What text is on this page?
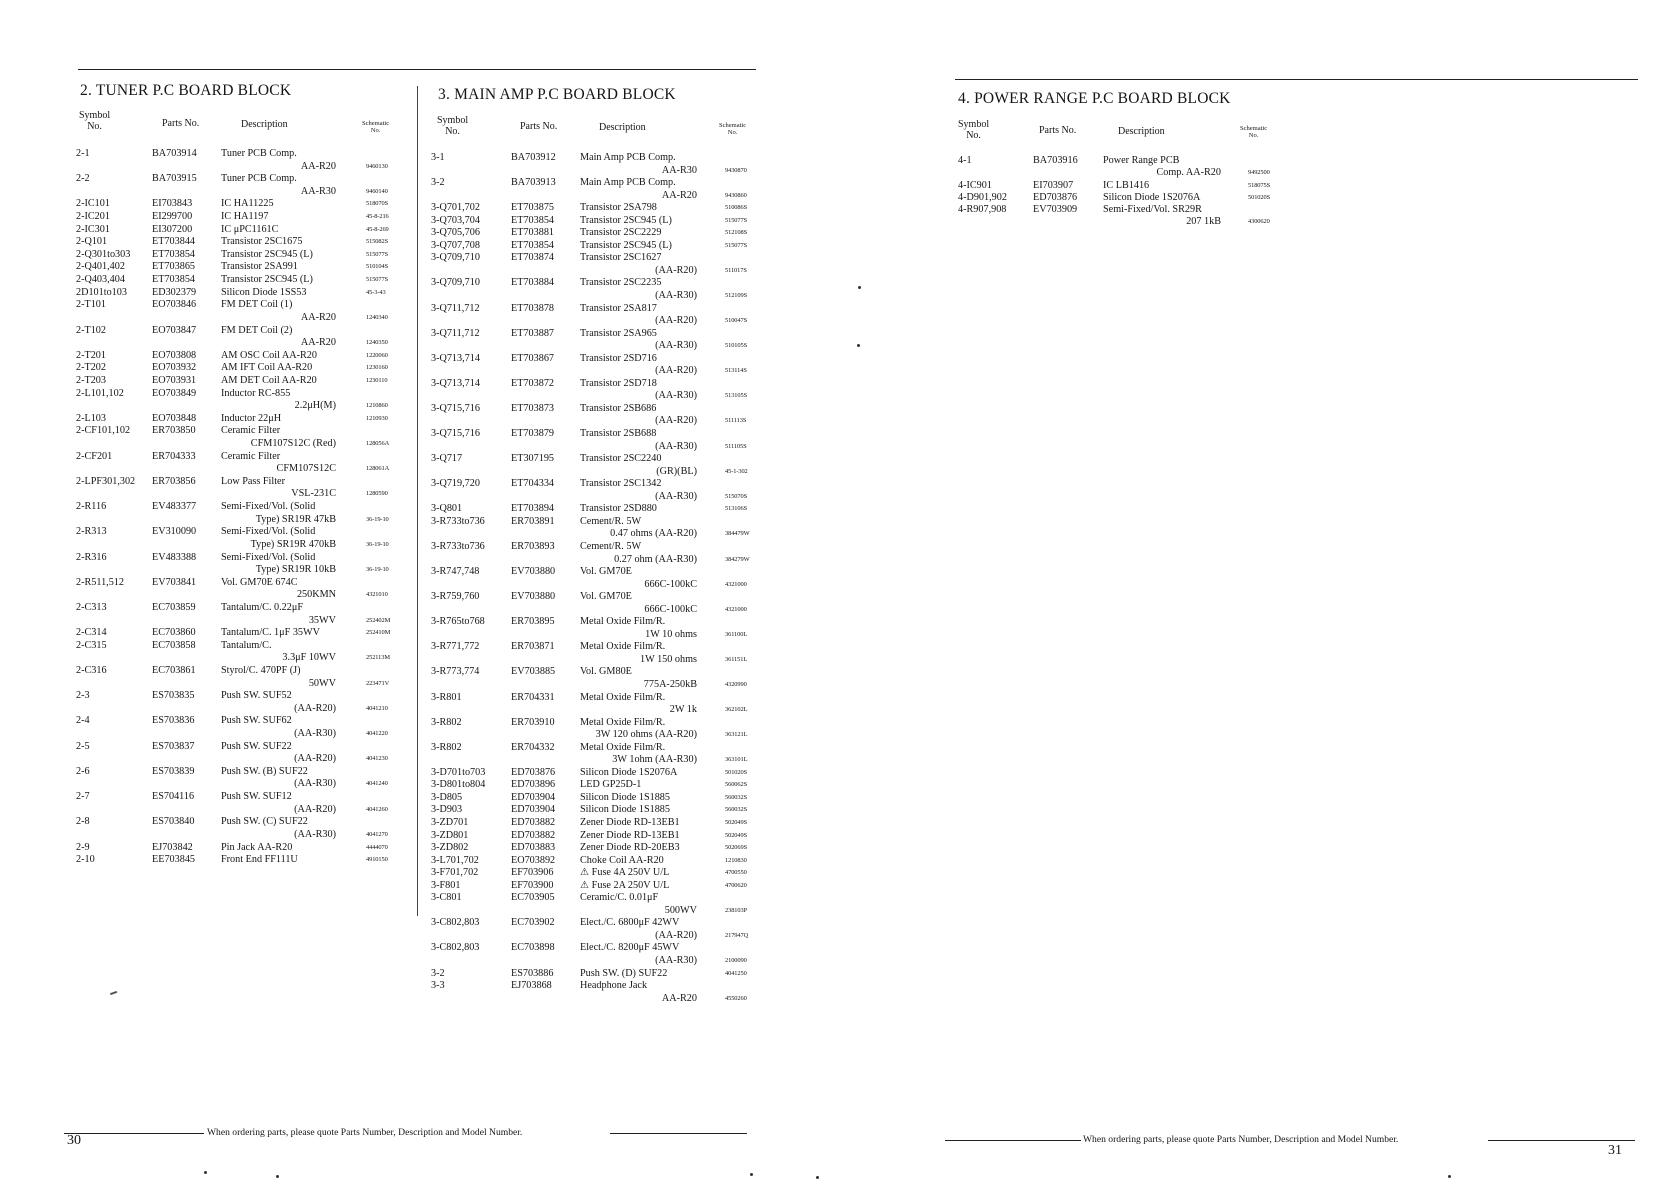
2. TUNER P.C BOARD BLOCK
Symbol
No.	Parts No.	Description	Schematic
No.
2-1	BA703914 Tuner PCB Comp.
AA-R20	9460130
2-2	BA703915 Tuner PCB Comp.
AA-R30	9460140
2-IC101	EI703843	IC HA11225	518070S
2-IC201	EI299700	IC HA1197	45-8-216
2-IC301	EI307200	IC μPC1161C	45-8-269
2-Q101	ET703844	Transistor 2SC1675	515082S
2-Q301to303 ET703854	Transistor 2SC945 (L)	515077S
2-Q401,402	ET703865	Transistor 2SA991	510104S
2-Q403,404	ET703854	Transistor 2SC945 (L)	515077S
2D101to103 ED302379 Silicon Diode 1SS53	45-3-43
2-T101	EO703846 FM DET Coil (1)
AA-R20	1240340
2-T102	EO703847 FM DET Coil (2)
AA-R20	1240350
2-T201	EO703808 AM OSC Coil AA-R20	1220060
2-T202	EO703932 AM IFT Coil AA-R20	1230160
2-T203	EO703931 AM DET Coil AA-R20	1230110
2-L101,102	EO703849 Inductor RC-855
2.2μH(M)	1210860
2-L103	EO703848 Inductor 22μH	1210930
2-CF101,102 ER703850 Ceramic Filter
CFM107S12C (Red)	128056A
2-CF201	ER704333 Ceramic Filter
CFM107S12C	128061A
2-LPF301,302 ER703856 Low Pass Filter
VSL-231C	1280590
2-R116	EV483377 Semi-Fixed/Vol. (Solid
Type) SR19R 47kB	36-19-10
2-R313	EV310090 Semi-Fixed/Vol. (Solid
Type) SR19R 470kB	36-19-10
2-R316	EV483388 Semi-Fixed/Vol. (Solid
Type) SR19R 10kB	36-19-10
2-R511,512	EV703841 Vol. GM70E 674C
250KMN	4321010
2-C313	EC703859 Tantalum/C. 0.22μF
35WV	252402M
2-C314	EC703860 Tantalum/C. 1μF 35WV	252410M
2-C315	EC703858 Tantalum/C.
3.3μF 10WV	252113M
2-C316	EC703861 Styrol/C. 470PF (J)
50WV	223471V
2-3	ES703835	Push SW. SUF52
(AA-R20)	4041210
2-4	ES703836	Push SW. SUF62
(AA-R30)	4041220
2-5	ES703837	Push SW. SUF22
(AA-R20)	4041230
2-6	ES703839	Push SW. (B) SUF22
(AA-R30)	4041240
2-7	ES704116	Push SW. SUF12
(AA-R20)	4041260
2-8	ES703840	Push SW. (C) SUF22
(AA-R30)	4041270
2-9	EJ703842	Pin Jack AA-R20	4444070
2-10	EE703845	Front End FF111U	4910150
3. MAIN AMP P.C BOARD BLOCK
Symbol
No.	Parts No.	Description	Schematic
No.
3-1	BA703912 Main Amp PCB Comp.
AA-R30	9430870
3-2	BA703913 Main Amp PCB Comp.
AA-R20	9430860
3-Q701,702	ET703875	Transistor 2SA798	510086S
3-Q703,704	ET703854	Transistor 2SC945 (L)	515077S
3-Q705,706	ET703881	Transistor 2SC2229	512108S
3-Q707,708	ET703854	Transistor 2SC945 (L)	515077S
3-Q709,710	ET703874	Transistor 2SC1627
(AA-R20)	511017S
3-Q709,710	ET703884	Transistor 2SC2235
(AA-R30)	512109S
3-Q711,712	ET703878	Transistor 2SA817
(AA-R20)	510047S
3-Q711,712	ET703887	Transistor 2SA965
(AA-R30)	510105S
3-Q713,714	ET703867	Transistor 2SD716
(AA-R20)	513114S
3-Q713,714	ET703872	Transistor 2SD718
(AA-R30)	513105S
3-Q715,716	ET703873	Transistor 2SB686
(AA-R20)	511113S
3-Q715,716	ET703879	Transistor 2SB688
(AA-R30)	511105S
3-Q717	ET307195	Transistor 2SC2240
(GR)(BL)	45-1-302
3-Q719,720	ET704334	Transistor 2SC1342
(AA-R30)	515070S
3-Q801	ET703894	Transistor 2SD880	513106S
3-R733to736	ER703891 Cement/R. 5W
0.47 ohms (AA-R20)	384479W
3-R733to736	ER703893 Cement/R. 5W
0.27 ohm (AA-R30)	384279W
3-R747,748	EV703880 Vol. GM70E
666C-100kC	4321000
3-R759,760	EV703880 Vol. GM70E
666C-100kC	4321000
3-R765to768	ER703895 Metal Oxide Film/R.
1W 10 ohms	361100L
3-R771,772	ER703871 Metal Oxide Film/R.
1W 150 ohms	361151L
3-R773,774	EV703885 Vol. GM80E
775A-250kB	4320990
3-R801	ER704331 Metal Oxide Film/R.
2W 1k	362102L
3-R802	ER703910 Metal Oxide Film/R.
3W 120 ohms (AA-R20)	363121L
3-R802	ER704332 Metal Oxide Film/R.
3W 1ohm (AA-R30)	363101L
3-D701to703	ED703876 Silicon Diode 1S2076A	501020S
3-D801to804	ED703896 LED GP25D-1	560062S
3-D805	ED703904 Silicon Diode 1S1885	560032S
3-D903	ED703904 Silicon Diode 1S1885	560032S
3-ZD701	ED703882 Zener Diode RD-13EB1	502049S
3-ZD801	ED703882 Zener Diode RD-13EB1	502049S
3-ZD802	ED703883 Zener Diode RD-20EB3	502069S
3-L701,702	EO703892 Choke Coil AA-R20	1210830
3-F701,702	EF703906	⚠ Fuse 4A 250V U/L	4700550
3-F801	EF703900	⚠ Fuse 2A 250V U/L	4700620
3-C801	EC703905 Ceramic/C. 0.01μF
500WV	238103P
3-C802,803	EC703902 Elect./C. 6800μF 42WV
(AA-R20)	217947Q
3-C802,803	EC703898 Elect./C. 8200μF 45WV
(AA-R30)	2100090
3-2	ES703886	Push SW. (D) SUF22	4041250
3-3	EJ703868	Headphone Jack
AA-R20	4550260
4. POWER RANGE P.C BOARD BLOCK
Symbol
No.	Parts No.	Description	Schematic
No.
4-1	BA703916 Power Range PCB
Comp. AA-R20	9492500
4-IC901	EI703907	IC LB1416	518075S
4-D901,902	ED703876	Silicon Diode 1S2076A	501020S
4-R907,908	EV703909	Semi-Fixed/Vol. SR29R
207 1kB	4300620
When ordering parts, please quote Parts Number, Description and Model Number.
30	When ordering parts, please quote Parts Number, Description and Model Number.
31
